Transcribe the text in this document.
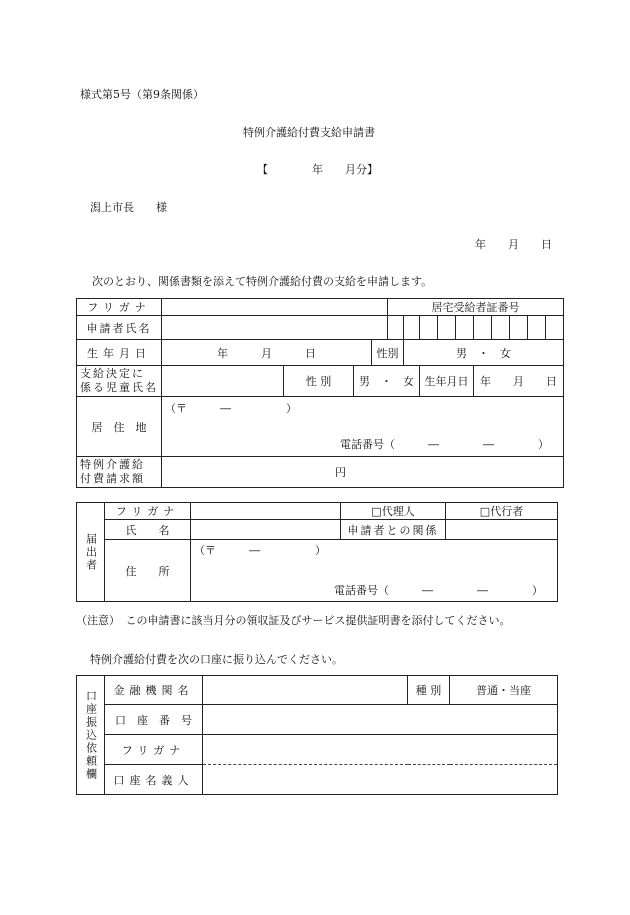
様式第5号（第9条関係）
特例介護給付費支給申請書
【　　　　年　　月分】
潟上市長　　様
年　　月　　日
次のとおり、関係書類を添えて特例介護給付費の支給を申請します。
フリガナ					居宅受給者証番号									
申請者氏名														
生年月日	年　　　月　　　日			性別		男　・　女								

支給決定に
係る児童氏名		性 別	男　・　女				生年月日			年　　月　　日				
居　住　地	（〒　　　―　　　　　）
電話番号（　　　―　　　　―　　　　）													

特例介護給
付費請求額	円													
届出者	フリガナ		□代理人	□代行者
	氏　　名		申請者との関係	
	住　　所	（〒　　　―　　　　　）
電話番号（　　　―　　　　―　　　　）		
（注意）　この申請書に該当月分の領収証及びサービス提供証明書を添付してください。
特例介護給付費を次の口座に振り込んでください。
口座振込依頼欄	金融機関名		種 別	普通・当座
	口　座　番　号			
	フリガナ			
	口座名義人			
